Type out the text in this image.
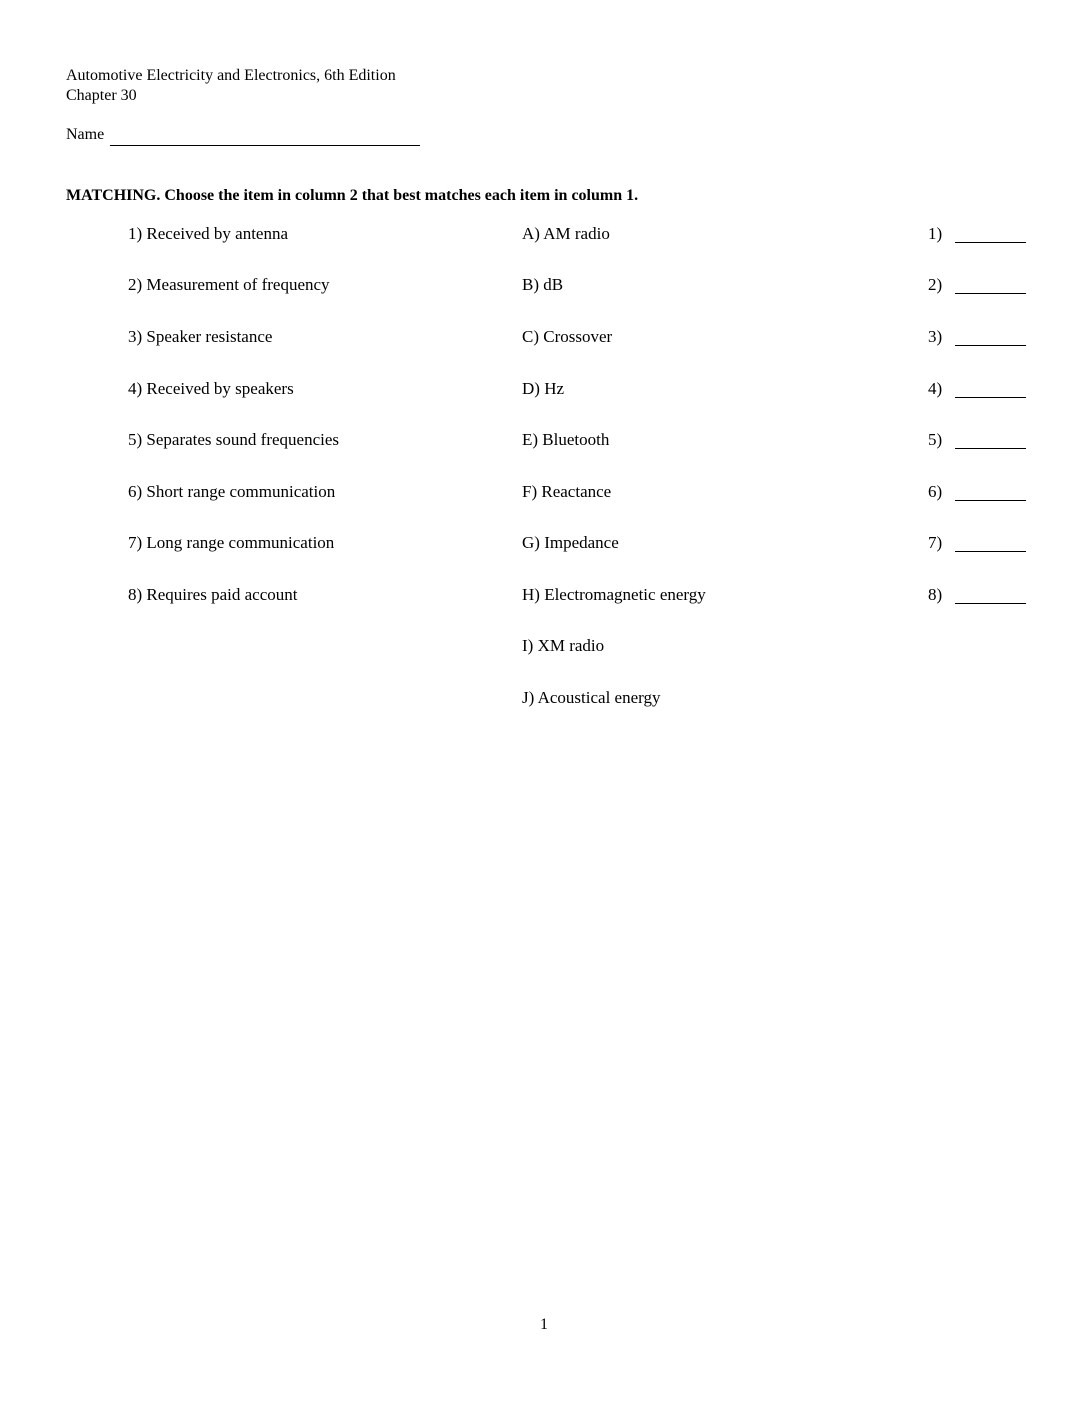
Automotive Electricity and Electronics, 6th Edition
Chapter 30
Name
MATCHING. Choose the item in column 2 that best matches each item in column 1.
1) Received by antenna
2) Measurement of frequency
3) Speaker resistance
4) Received by speakers
5) Separates sound frequencies
6) Short range communication
7) Long range communication
8) Requires paid account
A) AM radio
B) dB
C) Crossover
D) Hz
E) Bluetooth
F) Reactance
G) Impedance
H) Electromagnetic energy
I) XM radio
J) Acoustical energy
1)
2)
3)
4)
5)
6)
7)
8)
1
